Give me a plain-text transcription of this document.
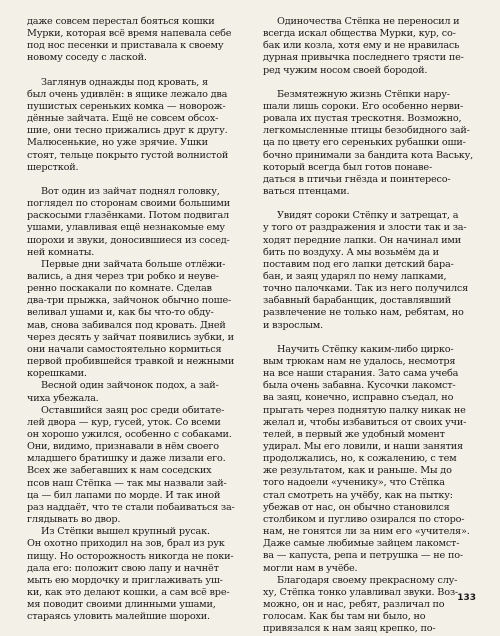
даже совсем перестал бояться кошки
Мурки, которая всё время напевала себе
под нос песенки и приставала к своему
новому соседу с лаской.

Заглянув однажды под кровать, я
был очень удивлён: в ящике лежало два
пушистых сереньких комка — новорож-
дённые зайчата. Ещё не совсем обсох-
шие, они тесно прижались друг к другу.
Малюсенькие, но уже зрячие. Ушки
стоят, тельце покрыто густой волнистой
шерсткой.

Вот один из зайчат поднял головку,
поглядел по сторонам своими большими
раскосыми глазёнками. Потом подвигал
ушами, улавливая ещё незнакомые ему
шорохи и звуки, доносившиеся из сосед-
ней комнаты.

Первые дни зайчата больше отлёжи-
вались, а дня через три робко и неуве-
ренно поскакали по комнате. Сделав
два-три прыжка, зайчонок обычно поше-
веливал ушами и, как бы что-то обду-
мав, снова забивался под кровать. Дней
через десять у зайчат появились зубки, и
они начали самостоятельно кормиться
первой пробившейся травкой и нежными
корешками.

Весной один зайчонок подох, а зай-
чиха убежала.

Оставшийся заяц рос среди обитате-
лей двора — кур, гусей, уток. Со всеми
он хорошо ужился, особенно с собаками.
Они, видимо, признавали в нём своего
младшего братишку и даже лизали его.
Всех же забегавших к нам соседских
псов наш Стёпка — так мы назвали зай-
ца — бил лапами по морде. И так иной
раз наддаёт, что те стали побаиваться за-
глядывать во двор.

Из Стёпки вышел крупный русак.
Он охотно приходил на зов, брал из рук
пищу. Но осторожность никогда не поки-
дала его: положит свою лапу и начнёт
мыть ею мордочку и приглаживать уш-
ки, как это делают кошки, а сам всё вре-
мя поводит своими длинными ушами,
стараясь уловить малейшие шорохи.

Одиночества Стёпка не переносил и
всегда искал общества Мурки, кур, со-
бак или козла, хотя ему и не нравилась
дурная привычка последнего трясти пе-
ред чужим носом своей бородой.

Безмятежную жизнь Стёпки нару-
шали лишь сороки. Его особенно нерви-
ровала их пустая трескотня. Возможно,
легкомысленные птицы безобидного зай-
ца по цвету его сереньких рубашки оши-
бочно принимали за бандита кота Ваську,
который всегда был готов понаве-
даться в птичьи гнёзда и поинтересо-
ваться птенцами.

Увидят сороки Стёпку и затрещат, а
у того от раздражения и злости так и за-
ходят передние лапки. Он начинал ими
бить по воздуху. А мы возьмём да и
поставим под его лапки детский бара-
бан, и заяц ударял по нему лапками,
точно палочками. Так из него получился
забавный барабанщик, доставлявший
развлечение не только нам, ребятам, но
и взрослым.

Научить Стёпку каким-либо цирко-
вым трюкам нам не удалось, несмотря
на все наши старания. Зато сама учеба
была очень забавна. Кусочки лакомст-
ва заяц, конечно, исправно съедал, но
прыгать через поднятую палку никак не
желал и, чтобы избавиться от своих учи-
телей, в первый же удобный момент
удирал. Мы его ловили, и наши занятия
продолжались, но, к сожалению, с тем
же результатом, как и раньше. Мы до
того надоели «ученику», что Стёпка
стал смотреть на учёбу, как на пытку:
убежав от нас, он обычно становился
столбиком и пугливо озирался по сторо-
нам, не гонятся ли за ним его «учителя».
Даже самые любимые зайцем лакомст-
ва — капуста, репа и петрушка — не по-
могли нам в учёбе.

Благодаря своему прекрасному слу-
ху, Стёпка тонко улавливал звуки. Воз-
можно, он и нас, ребят, различал по
голосам. Как бы там ни было, но
привязался к нам заяц крепко, по-

133
